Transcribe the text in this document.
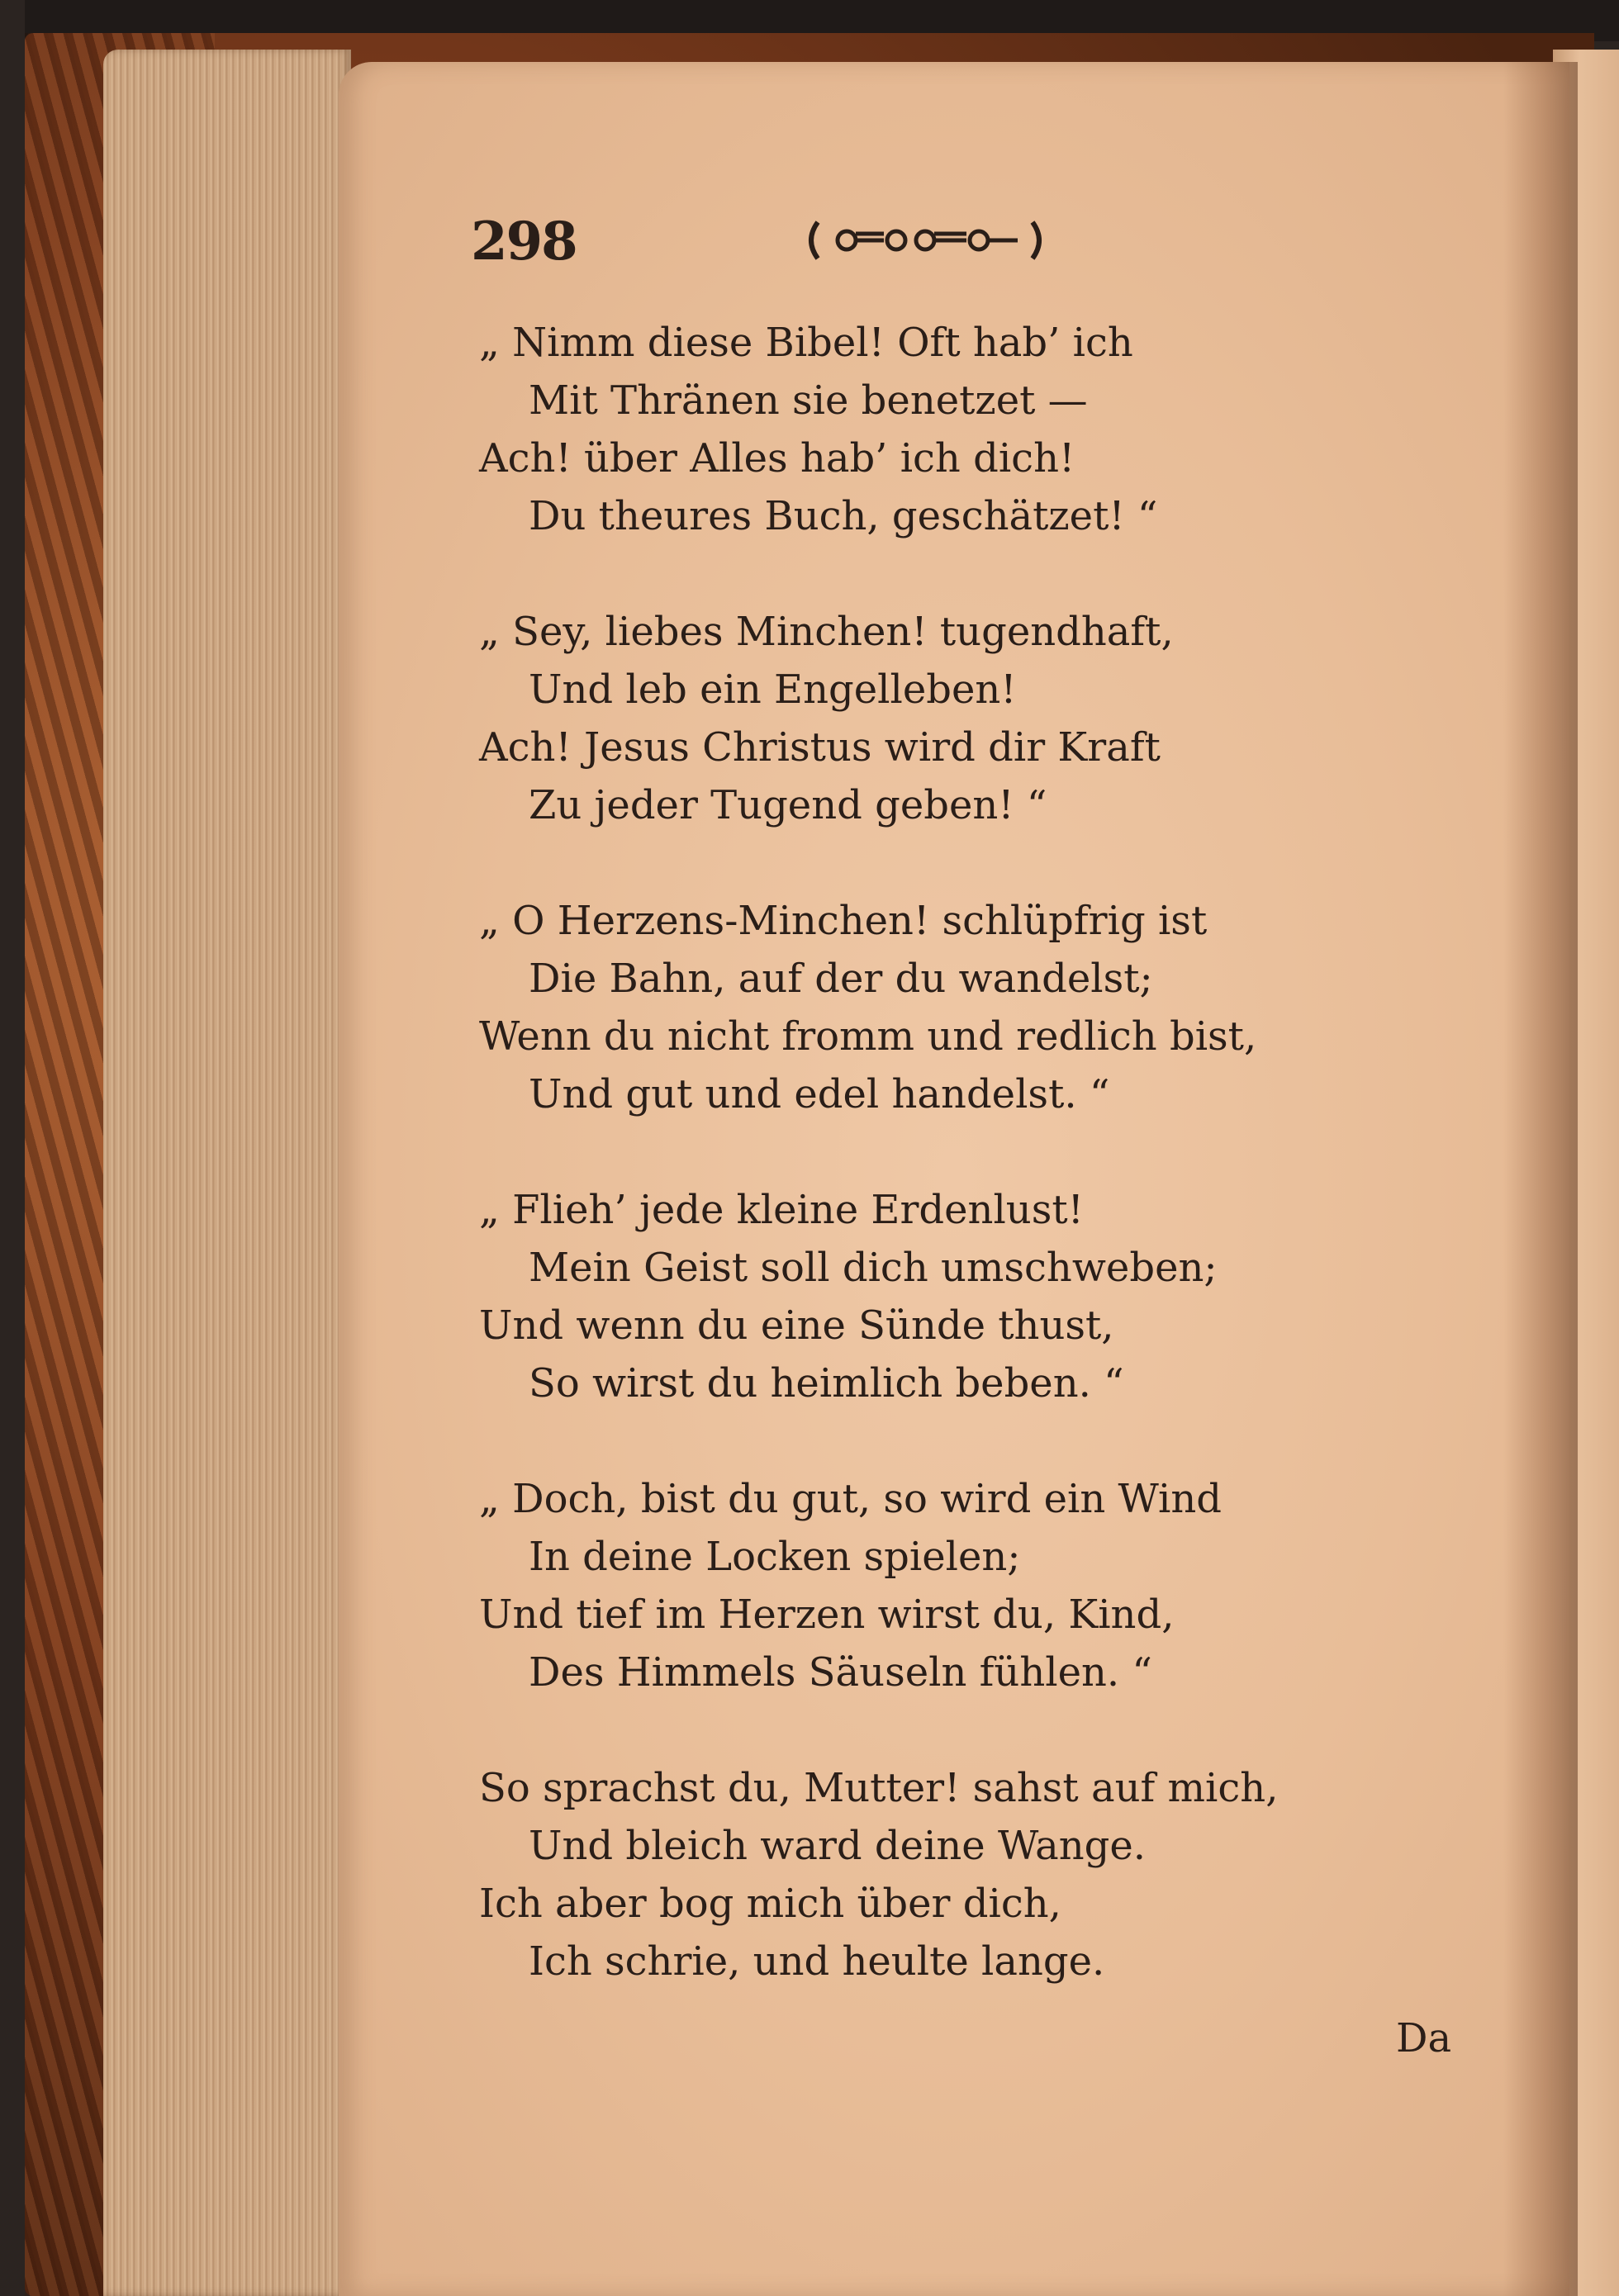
298
„ Nimm diese Bibel! Oft hab’ ich
Mit Thränen sie benetzet —
Ach! über Alles hab’ ich dich!
Du theures Buch, geschätzet! “
„ Sey, liebes Minchen! tugendhaft,
Und leb ein Engelleben!
Ach! Jesus Christus wird dir Kraft
Zu jeder Tugend geben! “
„ O Herzens-Minchen! schlüpfrig ist
Die Bahn, auf der du wandelst;
Wenn du nicht fromm und redlich bist,
Und gut und edel handelst. “
„ Flieh’ jede kleine Erdenlust!
Mein Geist soll dich umschweben;
Und wenn du eine Sünde thust,
So wirst du heimlich beben. “
„ Doch, bist du gut, so wird ein Wind
In deine Locken spielen;
Und tief im Herzen wirst du, Kind,
Des Himmels Säuseln fühlen. “
So sprachst du, Mutter! sahst auf mich,
Und bleich ward deine Wange.
Ich aber bog mich über dich,
Ich schrie, und heulte lange.
Da
